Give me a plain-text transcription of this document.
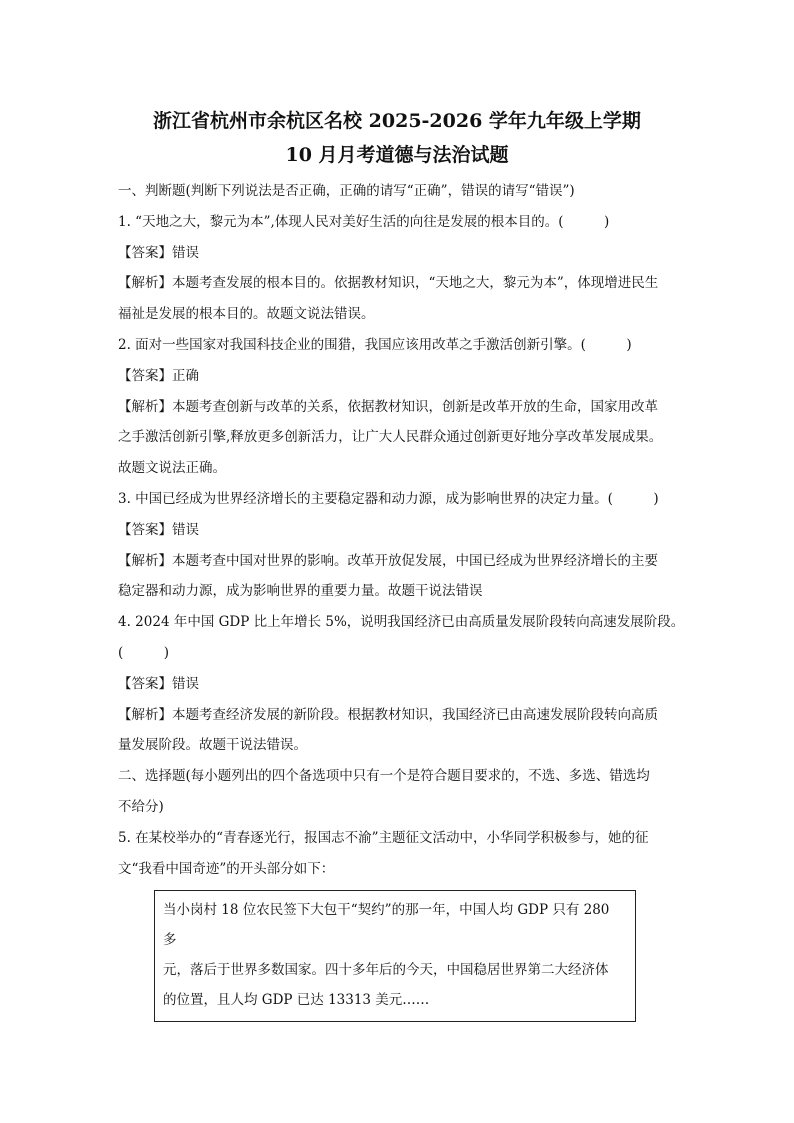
浙江省杭州市余杭区名校 2025-2026 学年九年级上学期

10 月月考道德与法治试题

一、判断题(判断下列说法是否正确，正确的请写“正确”，错误的请写“错误”)

1. “天地之大，黎元为本”,体现人民对美好生活的向往是发展的根本目的。(　　　)

【答案】错误

【解析】本题考查发展的根本目的。依据教材知识，“天地之大，黎元为本”，体现增进民生

福祉是发展的根本目的。故题文说法错误。

2. 面对一些国家对我国科技企业的围猎，我国应该用改革之手激活创新引擎。(　　　)

【答案】正确

【解析】本题考查创新与改革的关系，依据教材知识，创新是改革开放的生命，国家用改革

之手激活创新引擎,释放更多创新活力，让广大人民群众通过创新更好地分享改革发展成果。

故题文说法正确。

3. 中国已经成为世界经济增长的主要稳定器和动力源，成为影响世界的决定力量。(　　　)

【答案】错误

【解析】本题考查中国对世界的影响。改革开放促发展，中国已经成为世界经济增长的主要

稳定器和动力源，成为影响世界的重要力量。故题干说法错误

4. 2024 年中国 GDP 比上年增长 5%，说明我国经济已由高质量发展阶段转向高速发展阶段。

(　　　)

【答案】错误

【解析】本题考查经济发展的新阶段。根据教材知识，我国经济已由高速发展阶段转向高质

量发展阶段。故题干说法错误。

二、选择题(每小题列出的四个备选项中只有一个是符合题目要求的，不选、多选、错选均

不给分)

5. 在某校举办的“青春逐光行，报国志不渝”主题征文活动中，小华同学积极参与，她的征

文“我看中国奇迹”的开头部分如下：

当小岗村 18 位农民签下大包干“契约”的那一年，中国人均 GDP 只有 280 多

元，落后于世界多数国家。四十多年后的今天，中国稳居世界第二大经济体

的位置，且人均 GDP 已达 13313 美元……
